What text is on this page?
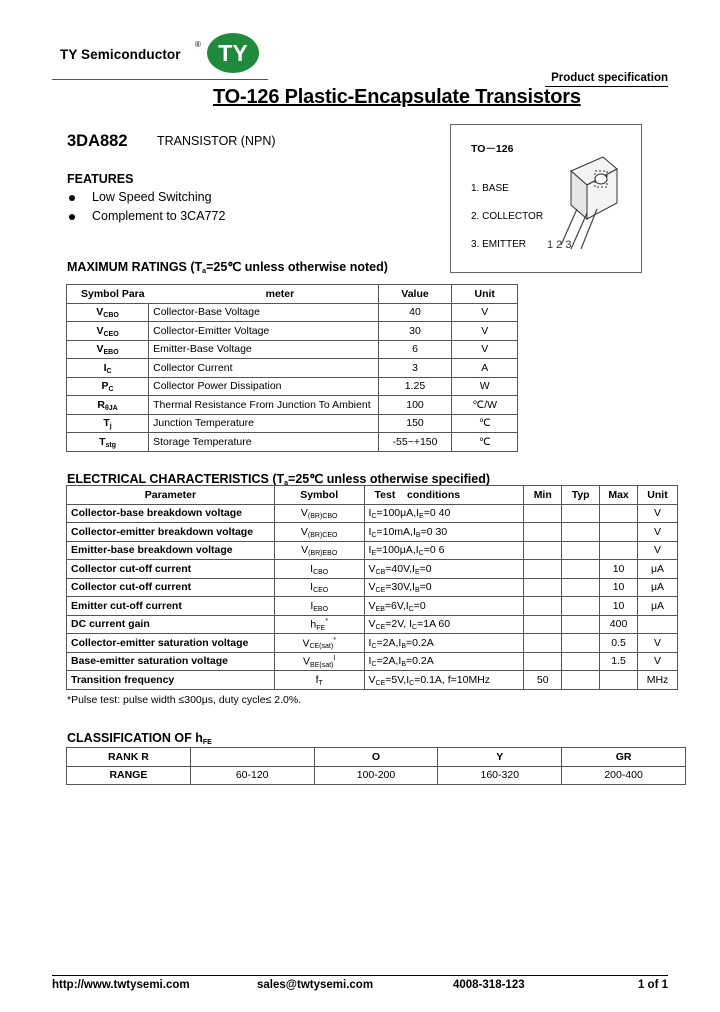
TY Semiconductor
® TY
Product specification
TO-126 Plastic-Encapsulate Transistors
3DA882 TRANSISTOR (NPN)
TO－126
1. BASE
2. COLLECTOR
3. EMITTER 1 2 3
FEATURES
Low Speed Switching
Complement to 3CA772
MAXIMUM RATINGS ($T_a=25℃$ unless otherwise noted)
Symbol Para	meter	Value	Unit
$V_{CBO}$	Collector-Base Voltage	40	V
$V_{CEO}$	Collector-Emitter Voltage	30	V
$V_{EBO}$	Emitter-Base Voltage	6	V
$I_C$	Collector Current	3	A
$P_C$	Collector Power Dissipation	1.25	W
$R_{\theta JA}$	Thermal Resistance From Junction To Ambient	100	℃/W
$T_j$	Junction Temperature	150	℃
$T_{stg}$	Storage Temperature	-55~+150	℃
ELECTRICAL CHARACTERISTICS ($T_a=25℃$ unless otherwise specified)
Parameter	Symbol	Test conditions	Min	Typ	Max	Unit
Collector-base breakdown voltage	$V_{(BR)CBO}$	$I_C=100\mu A,I_E=0$ 40				V
Collector-emitter breakdown voltage	$V_{(BR)CEO}$	$I_C=10mA,I_B=0$ 30				V
Emitter-base breakdown voltage	$V_{(BR)EBO}$	$I_E=100\mu A,I_C=0$ 6				V
Collector cut-off current	$I_{CBO}$	$V_{CB}=40V,I_E=0$			10	μA
Collector cut-off current	$I_{CEO}$	$V_{CE}=30V,I_B=0$			10	μA
Emitter cut-off current	$I_{EBO}$	$V_{EB}=6V,I_C=0$			10	μA
DC current gain	$h_{FE}^*$	$V_{CE}=2V$, $I_C=1A$ 60			400	
Collector-emitter saturation voltage	$V_{CE(sat)}^*$	$I_C=2A,I_B=0.2A$			0.5	V
Base-emitter saturation voltage	$V_{BE(sat)}^I$	$I_C=2A,I_B=0.2A$			1.5	V
Transition frequency	$f_T$	$V_{CE}=5V,I_C=0.1A$, f=10MHz	50			MHz
*Pulse test: pulse width ≤300μs, duty cycle≤ 2.0%.
CLASSIFICATION OF $h_{FE}$
RANK R		O	Y	GR
RANGE	60-120	100-200	160-320	200-400
http://www.twtysemi.com	sales@twtysemi.com	4008-318-123	1 of 1
